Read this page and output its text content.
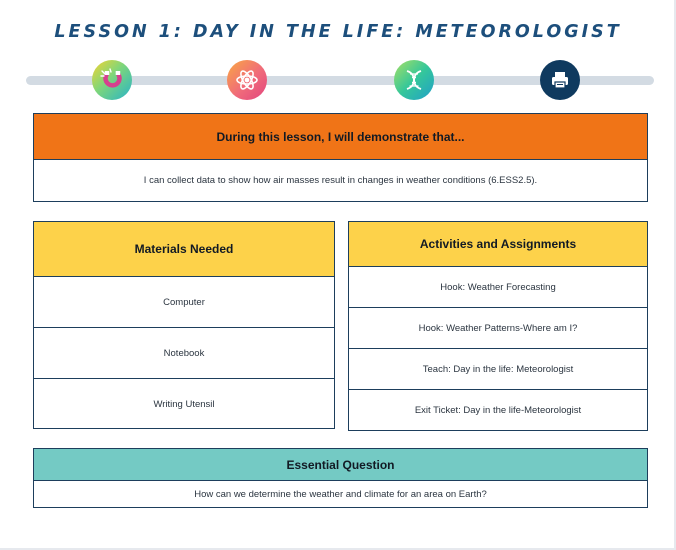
LESSON 1: DAY IN THE LIFE: METEOROLOGIST
During this lesson, I will demonstrate that...
I can collect data to show how air masses result in changes in weather conditions (6.ESS2.5).
Materials Needed
Computer
Notebook
Writing Utensil
Activities and Assignments
Hook: Weather Forecasting
Hook: Weather Patterns-Where am I?
Teach: Day in the life: Meteorologist
Exit Ticket: Day in the life-Meteorologist
Essential Question
How can we determine the weather and climate for an area on Earth?
